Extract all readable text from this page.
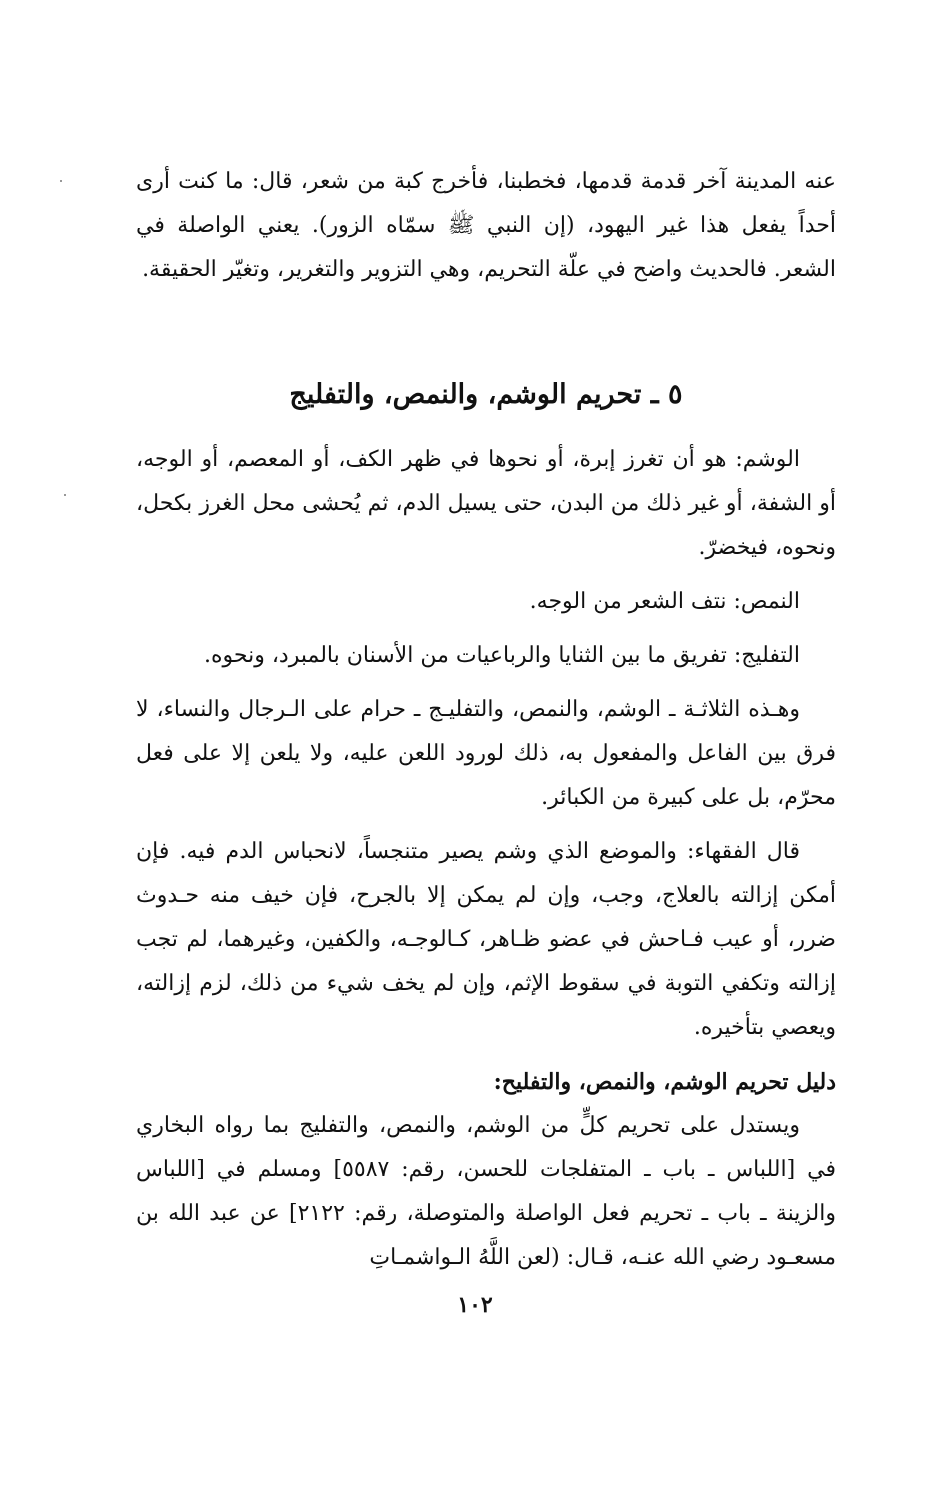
عنه المدينة آخر قدمة قدمها، فخطبنا، فأخرج كبة من شعر، قال: ما كنت أرى أحداً يفعل هذا غير اليهود، (إن النبي ﷺ سمّاه الزور). يعني الواصلة في الشعر. فالحديث واضح في علّة التحريم، وهي التزوير والتغرير، وتغيّر الحقيقة.

٥ ـ تحريم الوشم، والنمص، والتفليج

الوشم: هو أن تغرز إبرة، أو نحوها في ظهر الكف، أو المعصم، أو الوجه، أو الشفة، أو غير ذلك من البدن، حتى يسيل الدم، ثم يُحشى محل الغرز بكحل، ونحوه، فيخضرّ.

النمص: نتف الشعر من الوجه.

التفليج: تفريق ما بين الثنايا والرباعيات من الأسنان بالمبرد، ونحوه.

وهـذه الثلاثـة ـ الوشم، والنمص، والتفليـج ـ حرام على الـرجال والنساء، لا فرق بين الفاعل والمفعول به، ذلك لورود اللعن عليه، ولا يلعن إلا على فعل محرّم، بل على كبيرة من الكبائر.

قال الفقهاء: والموضع الذي وشم يصير متنجساً، لانحباس الدم فيه. فإن أمكن إزالته بالعلاج، وجب، وإن لم يمكن إلا بالجرح، فإن خيف منه حـدوث ضرر، أو عيب فـاحش في عضو ظـاهر، كـالوجـه، والكفين، وغيرهما، لم تجب إزالته وتكفي التوبة في سقوط الإثم، وإن لم يخف شيء من ذلك، لزم إزالته، ويعصي بتأخيره.

دليل تحريم الوشم، والنمص، والتفليح:

ويستدل على تحريم كلٍّ من الوشم، والنمص، والتفليج بما رواه البخاري في [اللباس ـ باب ـ المتفلجات للحسن، رقم: ٥٥٨٧] ومسلم في [اللباس والزينة ـ باب ـ تحريم فعل الواصلة والمتوصلة، رقم: ٢١٢٢] عن عبد الله بن مسعـود رضي الله عنـه، قـال: (لعن اللَّهُ الـواشمـاتِ

١٠٢
